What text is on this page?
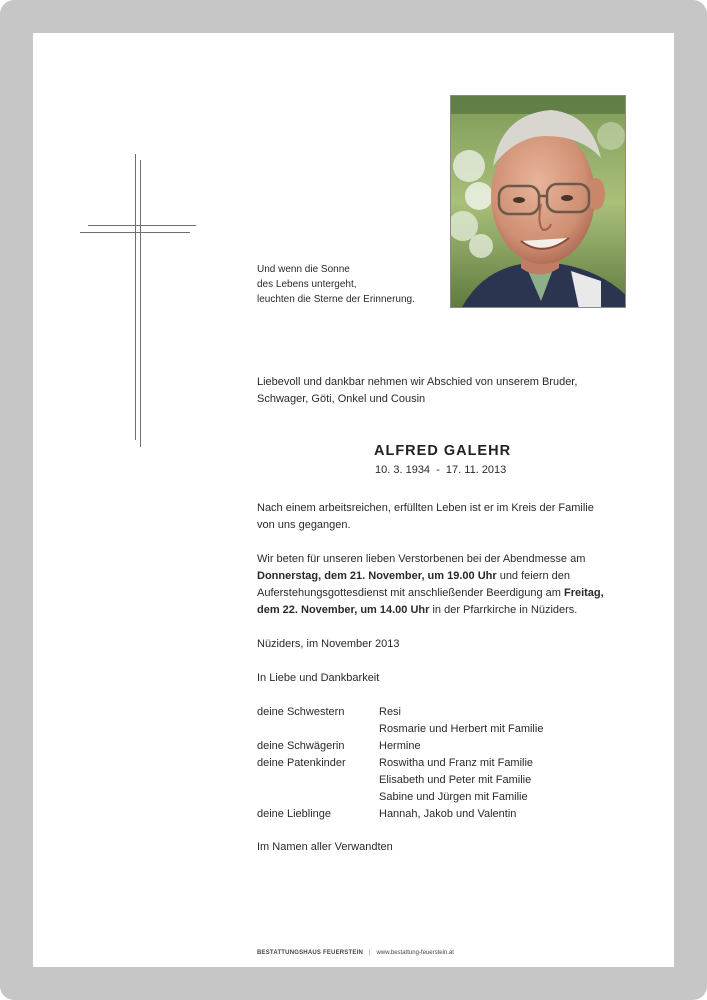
Und wenn die Sonne
des Lebens untergeht,
leuchten die Sterne der Erinnerung.
Liebevoll und dankbar nehmen wir Abschied von unserem Bruder,
Schwager, Göti, Onkel und Cousin
ALFRED GALEHR
10. 3. 1934  -  17. 11. 2013
Nach einem arbeitsreichen, erfüllten Leben ist er im Kreis der Familie
von uns gegangen.
Wir beten für unseren lieben Verstorbenen bei der Abendmesse am
Donnerstag, dem 21. November, um 19.00 Uhr und feiern den
Auferstehungsgottesdienst mit anschließender Beerdigung am Freitag,
dem 22. November, um 14.00 Uhr in der Pfarrkirche in Nüziders.
Nüziders, im November 2013
In Liebe und Dankbarkeit
deine Schwestern	Resi
Rosmarie und Herbert mit Familie
deine Schwägerin	Hermine
deine Patenkinder	Roswitha und Franz mit Familie
Elisabeth und Peter mit Familie
Sabine und Jürgen mit Familie
deine Lieblinge	Hannah, Jakob und Valentin
Im Namen aller Verwandten
BESTATTUNGSHAUS FEUERSTEIN | www.bestattung-feuerstein.at
